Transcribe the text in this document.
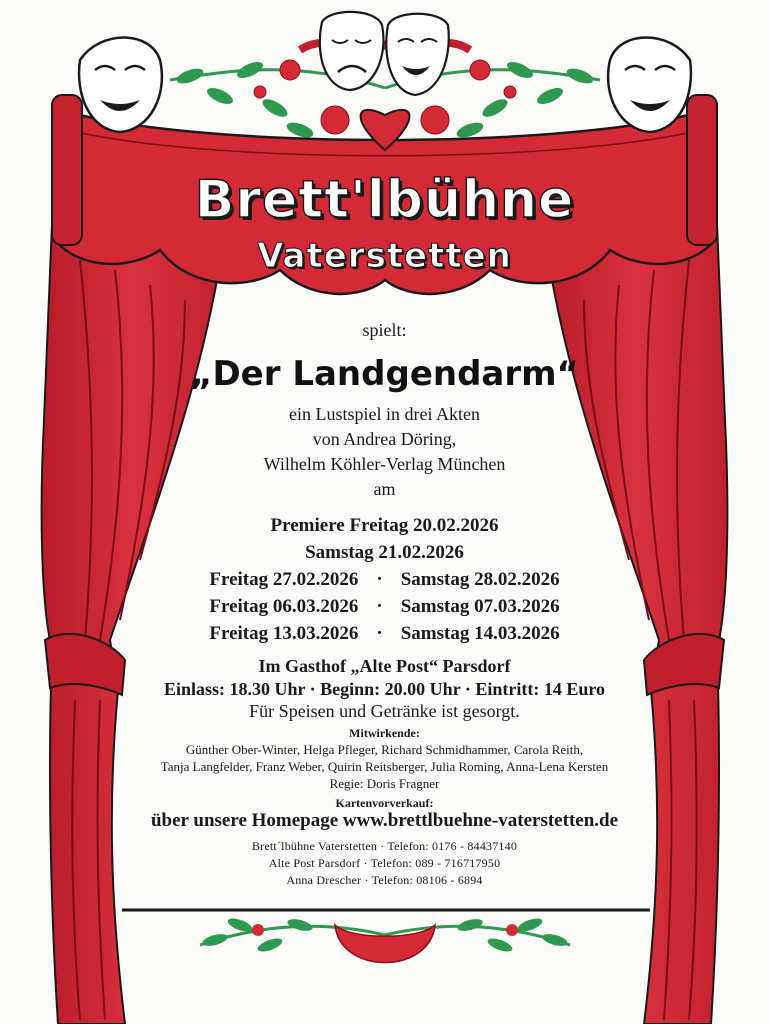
Brett'lbühne
Vaterstetten
spielt:
„Der Landgendarm“
ein Lustspiel in drei Akten
von Andrea Döring,
Wilhelm Köhler-Verlag München
am
Premiere Freitag 20.02.2026
Samstag 21.02.2026
Freitag 27.02.2026 · Samstag 28.02.2026
Freitag 06.03.2026 · Samstag 07.03.2026
Freitag 13.03.2026 · Samstag 14.03.2026
Im Gasthof „Alte Post“ Parsdorf
Einlass: 18.30 Uhr · Beginn: 20.00 Uhr · Eintritt: 14 Euro
Für Speisen und Getränke ist gesorgt.
Mitwirkende:
Günther Ober-Winter, Helga Pfleger, Richard Schmidhammer, Carola Reith,
Tanja Langfelder, Franz Weber, Quirin Reitsberger, Julia Roming, Anna-Lena Kersten
Regie: Doris Fragner
Kartenvorverkauf:
über unsere Homepage www.brettlbuehne-vaterstetten.de
Brett´lbühne Vaterstetten · Telefon: 0176 - 84437140
Alte Post Parsdorf · Telefon: 089 - 716717950
Anna Drescher · Telefon: 08106 - 6894
